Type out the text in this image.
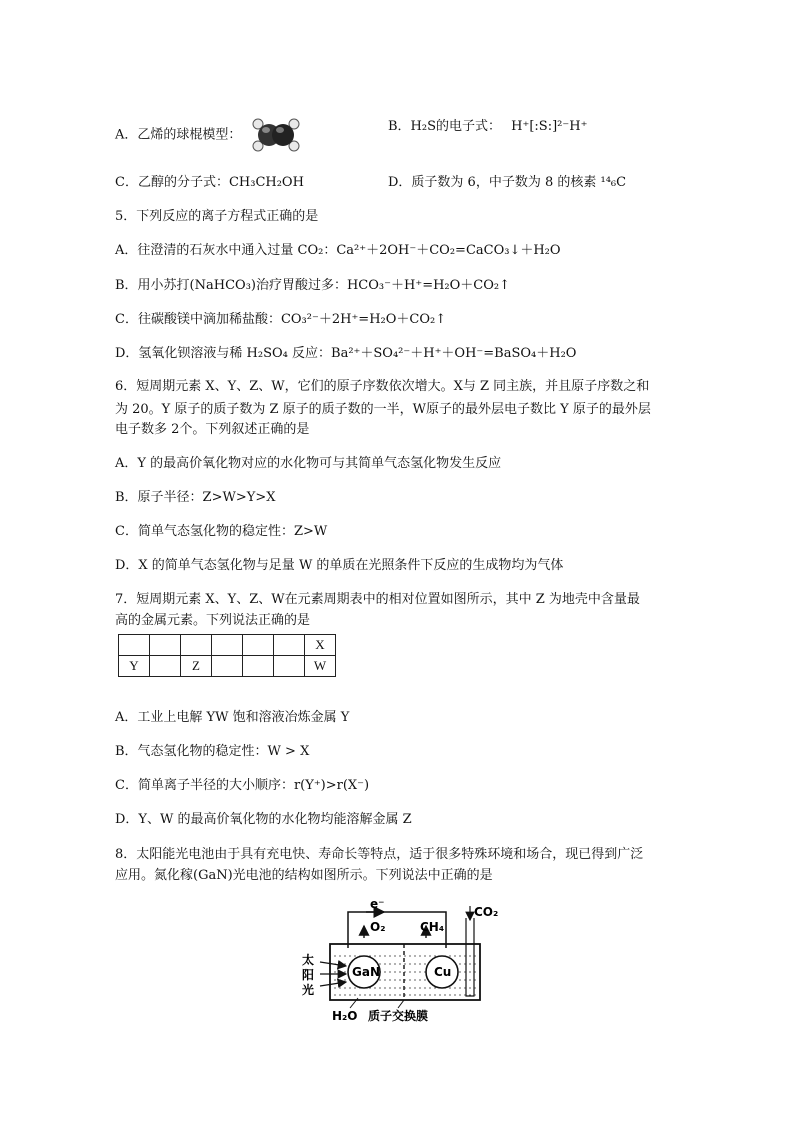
A．乙烯的球棍模型：
B．H₂S的电子式： H⁺[:S:]²⁻H⁺
C．乙醇的分子式：CH₃CH₂OH	D．质子数为 6，中子数为 8 的核素 ¹⁴₆C
5．下列反应的离子方程式正确的是
A．往澄清的石灰水中通入过量 CO₂：Ca²⁺＋2OH⁻＋CO₂=CaCO₃↓＋H₂O
B．用小苏打(NaHCO₃)治疗胃酸过多：HCO₃⁻＋H⁺=H₂O＋CO₂↑
C．往碳酸镁中滴加稀盐酸：CO₃²⁻＋2H⁺=H₂O＋CO₂↑
D．氢氧化钡溶液与稀 H₂SO₄ 反应：Ba²⁺＋SO₄²⁻＋H⁺＋OH⁻=BaSO₄＋H₂O
6．短周期元素 X、Y、Z、W，它们的原子序数依次增大。X与 Z 同主族，并且原子序数之和
为 20。Y 原子的质子数为 Z 原子的质子数的一半，W原子的最外层电子数比 Y 原子的最外层
电子数多 2个。下列叙述正确的是
A．Y 的最高价氧化物对应的水化物可与其简单气态氢化物发生反应
B．原子半径：Z>W>Y>X
C．简单气态氢化物的稳定性：Z>W
D．X 的简单气态氢化物与足量 W 的单质在光照条件下反应的生成物均为气体
7．短周期元素 X、Y、Z、W在元素周期表中的相对位置如图所示，其中 Z 为地壳中含量最
高的金属元素。下列说法正确的是
						X
Y		Z				W
A．工业上电解 YW 饱和溶液冶炼金属 Y
B．气态氢化物的稳定性：W > X
C．简单离子半径的大小顺序：r(Y⁺)>r(X⁻)
D．Y、W 的最高价氧化物的水化物均能溶解金属 Z
8．太阳能光电池由于具有充电快、寿命长等特点，适于很多特殊环境和场合，现已得到广泛
应用。氮化稼(GaN)光电池的结构如图所示。下列说法中正确的是
e⁻
O₂	CH₄
CO₂
GaN	Cu
太
阳
光
H₂O 质子交换膜
